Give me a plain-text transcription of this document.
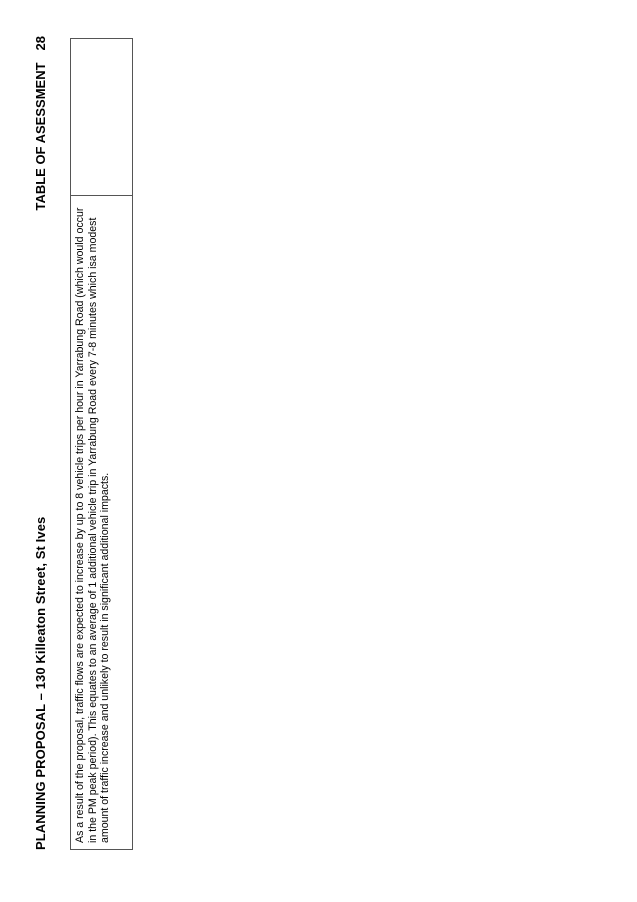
PLANNING PROPOSAL – 130 Killeaton Street, St Ives
TABLE OF ASESSMENT
28
As a result of the proposal, traffic flows are expected to increase by up to 8 vehicle trips per hour in Yarrabung Road (which would occur in the PM peak period). This equates to an average of 1 additional vehicle trip in Yarrabung Road every 7-8 minutes which isa modest amount of traffic increase and unlikely to result in significant additional impacts.
